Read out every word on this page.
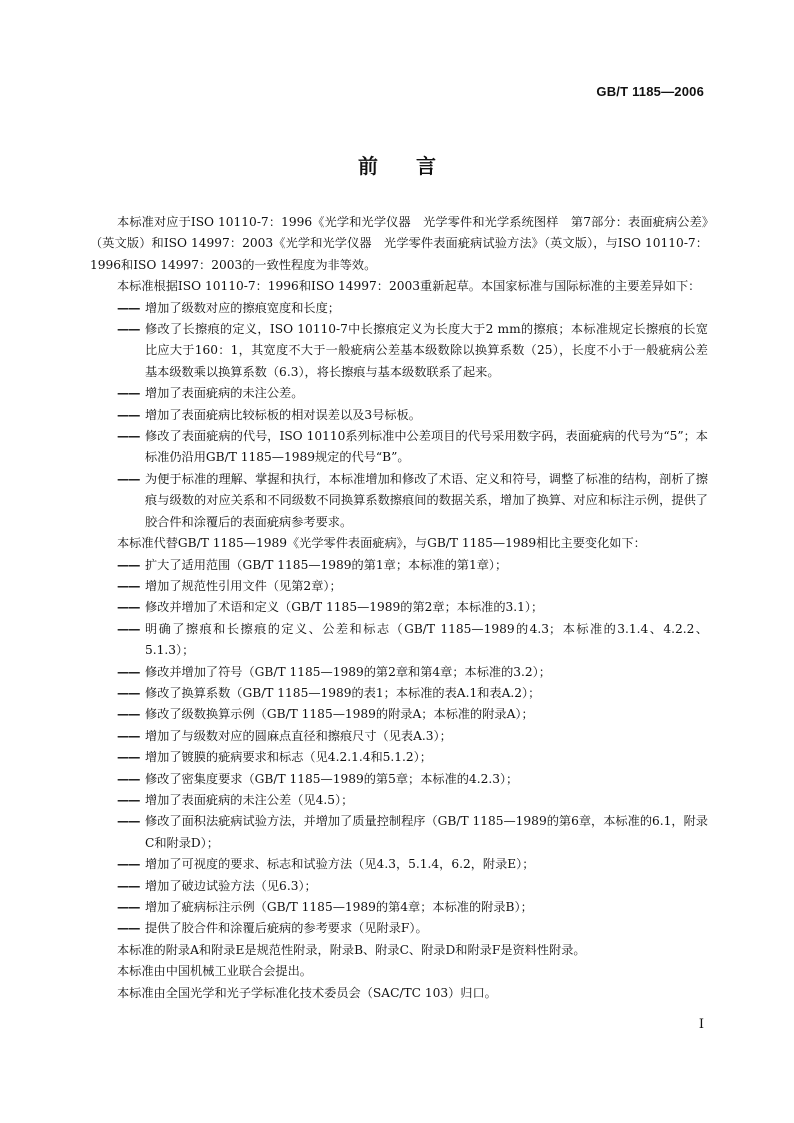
GB/T 1185—2006
前言

本标准对应于ISO 10110-7：1996《光学和光学仪器　光学零件和光学系统图样　第7部分：表面疵病公差》（英文版）和ISO 14997：2003《光学和光学仪器　光学零件表面疵病试验方法》（英文版），与ISO 10110-7：1996和ISO 14997：2003的一致性程度为非等效。

本标准根据ISO 10110-7：1996和ISO 14997：2003重新起草。本国家标准与国际标准的主要差异如下：

—— 增加了级数对应的擦痕宽度和长度；

—— 修改了长擦痕的定义，ISO 10110-7中长擦痕定义为长度大于2 mm的擦痕；本标准规定长擦痕的长宽比应大于160：1，其宽度不大于一般疵病公差基本级数除以换算系数（25），长度不小于一般疵病公差基本级数乘以换算系数（6.3），将长擦痕与基本级数联系了起来。

—— 增加了表面疵病的未注公差。

—— 增加了表面疵病比较标板的相对误差以及3号标板。

—— 修改了表面疵病的代号，ISO 10110系列标准中公差项目的代号采用数字码，表面疵病的代号为“5”；本标准仍沿用GB/T 1185—1989规定的代号“B”。

—— 为便于标准的理解、掌握和执行，本标准增加和修改了术语、定义和符号，调整了标准的结构，剖析了擦痕与级数的对应关系和不同级数不同换算系数擦痕间的数据关系，增加了换算、对应和标注示例，提供了胶合件和涂覆后的表面疵病参考要求。

本标准代替GB/T 1185—1989《光学零件表面疵病》，与GB/T 1185—1989相比主要变化如下：

—— 扩大了适用范围（GB/T 1185—1989的第1章；本标准的第1章）；

—— 增加了规范性引用文件（见第2章）；

—— 修改并增加了术语和定义（GB/T 1185—1989的第2章；本标准的3.1）；

—— 明确了擦痕和长擦痕的定义、公差和标志（GB/T 1185—1989的4.3；本标准的3.1.4、4.2.2、5.1.3）；

—— 修改并增加了符号（GB/T 1185—1989的第2章和第4章；本标准的3.2）；

—— 修改了换算系数（GB/T 1185—1989的表1；本标准的表A.1和表A.2）；

—— 修改了级数换算示例（GB/T 1185—1989的附录A；本标准的附录A）；

—— 增加了与级数对应的圆麻点直径和擦痕尺寸（见表A.3）；

—— 增加了镀膜的疵病要求和标志（见4.2.1.4和5.1.2）；

—— 修改了密集度要求（GB/T 1185—1989的第5章；本标准的4.2.3）；

—— 增加了表面疵病的未注公差（见4.5）；

—— 修改了面积法疵病试验方法，并增加了质量控制程序（GB/T 1185—1989的第6章，本标准的6.1，附录C和附录D）；

—— 增加了可视度的要求、标志和试验方法（见4.3，5.1.4，6.2，附录E）；

—— 增加了破边试验方法（见6.3）；

—— 增加了疵病标注示例（GB/T 1185—1989的第4章；本标准的附录B）；

—— 提供了胶合件和涂覆后疵病的参考要求（见附录F）。

本标准的附录A和附录E是规范性附录，附录B、附录C、附录D和附录F是资料性附录。

本标准由中国机械工业联合会提出。

本标准由全国光学和光子学标准化技术委员会（SAC/TC 103）归口。

I
